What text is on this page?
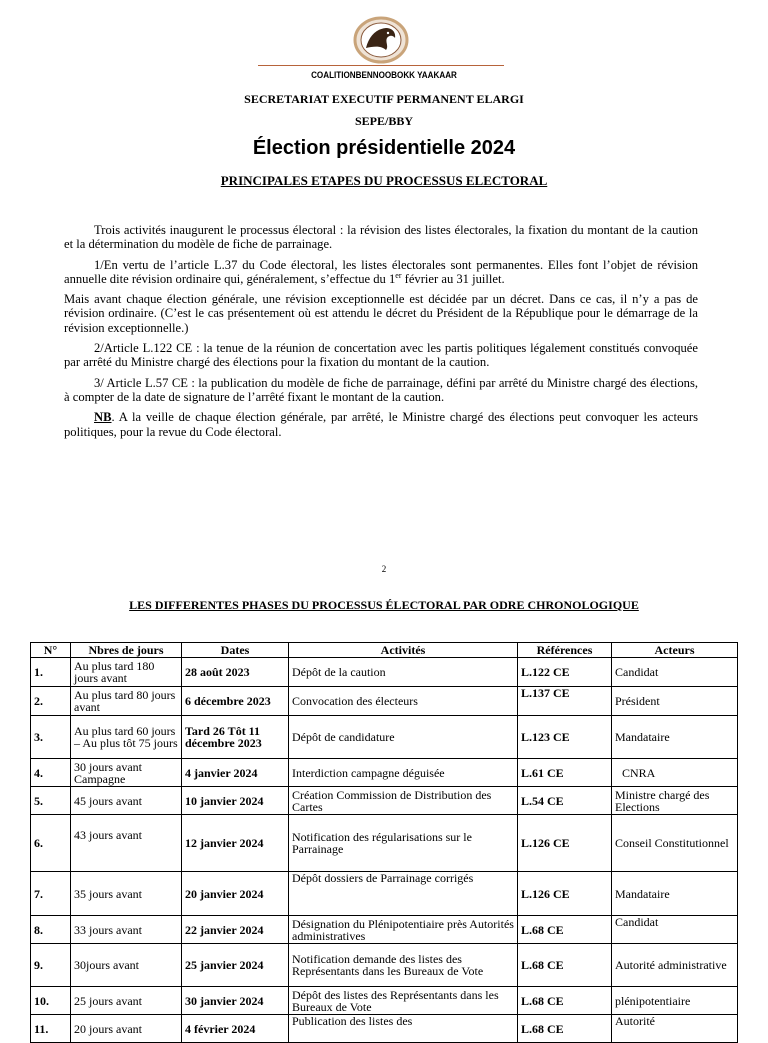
COALITIONBENNOOBOKK YAAKAAR
SECRETARIAT EXECUTIF PERMANENT ELARGI
SEPE/BBY
Élection présidentielle 2024
PRINCIPALES ETAPES DU PROCESSUS ELECTORAL

Trois activités inaugurent le processus électoral : la révision des listes électorales, la fixation du montant de la caution et la détermination du modèle de fiche de parrainage.

1/En vertu de l’article L.37 du Code électoral, les listes électorales sont permanentes. Elles font l’objet de révision annuelle dite révision ordinaire qui, généralement, s’effectue du 1er février au 31 juillet.

Mais avant chaque élection générale, une révision exceptionnelle est décidée par un décret. Dans ce cas, il n’y a pas de révision ordinaire. (C’est le cas présentement où est attendu le décret du Président de la République pour le démarrage de la révision exceptionnelle.)

2/Article L.122 CE : la tenue de la réunion de concertation avec les partis politiques légalement constitués convoquée par arrêté du Ministre chargé des élections pour la fixation du montant de la caution.

3/ Article L.57 CE : la publication du modèle de fiche de parrainage, défini par arrêté du Ministre chargé des élections, à compter de la date de signature de l’arrêté fixant le montant de la caution.

NB. A la veille de chaque élection générale, par arrêté, le Ministre chargé des élections peut convoquer les acteurs politiques, pour la revue du Code électoral.

2
LES DIFFERENTES PHASES DU PROCESSUS ÉLECTORAL PAR ODRE CHRONOLOGIQUE
N°	Nbres de jours	Dates	Activités	Références	Acteurs
1.	Au plus tard 180 jours avant	28 août 2023	Dépôt de la caution	L.122 CE	Candidat
2.	Au plus tard 80 jours avant	6 décembre 2023	Convocation des électeurs	L.137 CE	Président
3.	Au plus tard 60 jours – Au plus tôt 75 jours	Tard 26 Tôt 11 décembre 2023	Dépôt de candidature	L.123 CE	Mandataire
4.	30 jours avant Campagne	4 janvier 2024	Interdiction campagne déguisée	L.61 CE	CNRA
5.	45 jours avant	10 janvier 2024	Création Commission de Distribution des Cartes	L.54 CE	Ministre chargé des Elections
6.	43 jours avant	12 janvier 2024	Notification des régularisations sur le Parrainage	L.126 CE	Conseil Constitutionnel
7.	35 jours avant	20 janvier 2024	Dépôt dossiers de Parrainage corrigés	L.126 CE	Mandataire
8.	33 jours avant	22 janvier 2024	Désignation du Plénipotentiaire près Autorités administratives	L.68 CE	Candidat
9.	30jours avant	25 janvier 2024	Notification demande des listes des Représentants dans les Bureaux de Vote	L.68 CE	Autorité administrative
10.	25 jours avant	30 janvier 2024	Dépôt des listes des Représentants dans les Bureaux de Vote	L.68 CE	plénipotentiaire
11.	20 jours avant	4 février 2024	Publication des listes des	L.68 CE	Autorité
